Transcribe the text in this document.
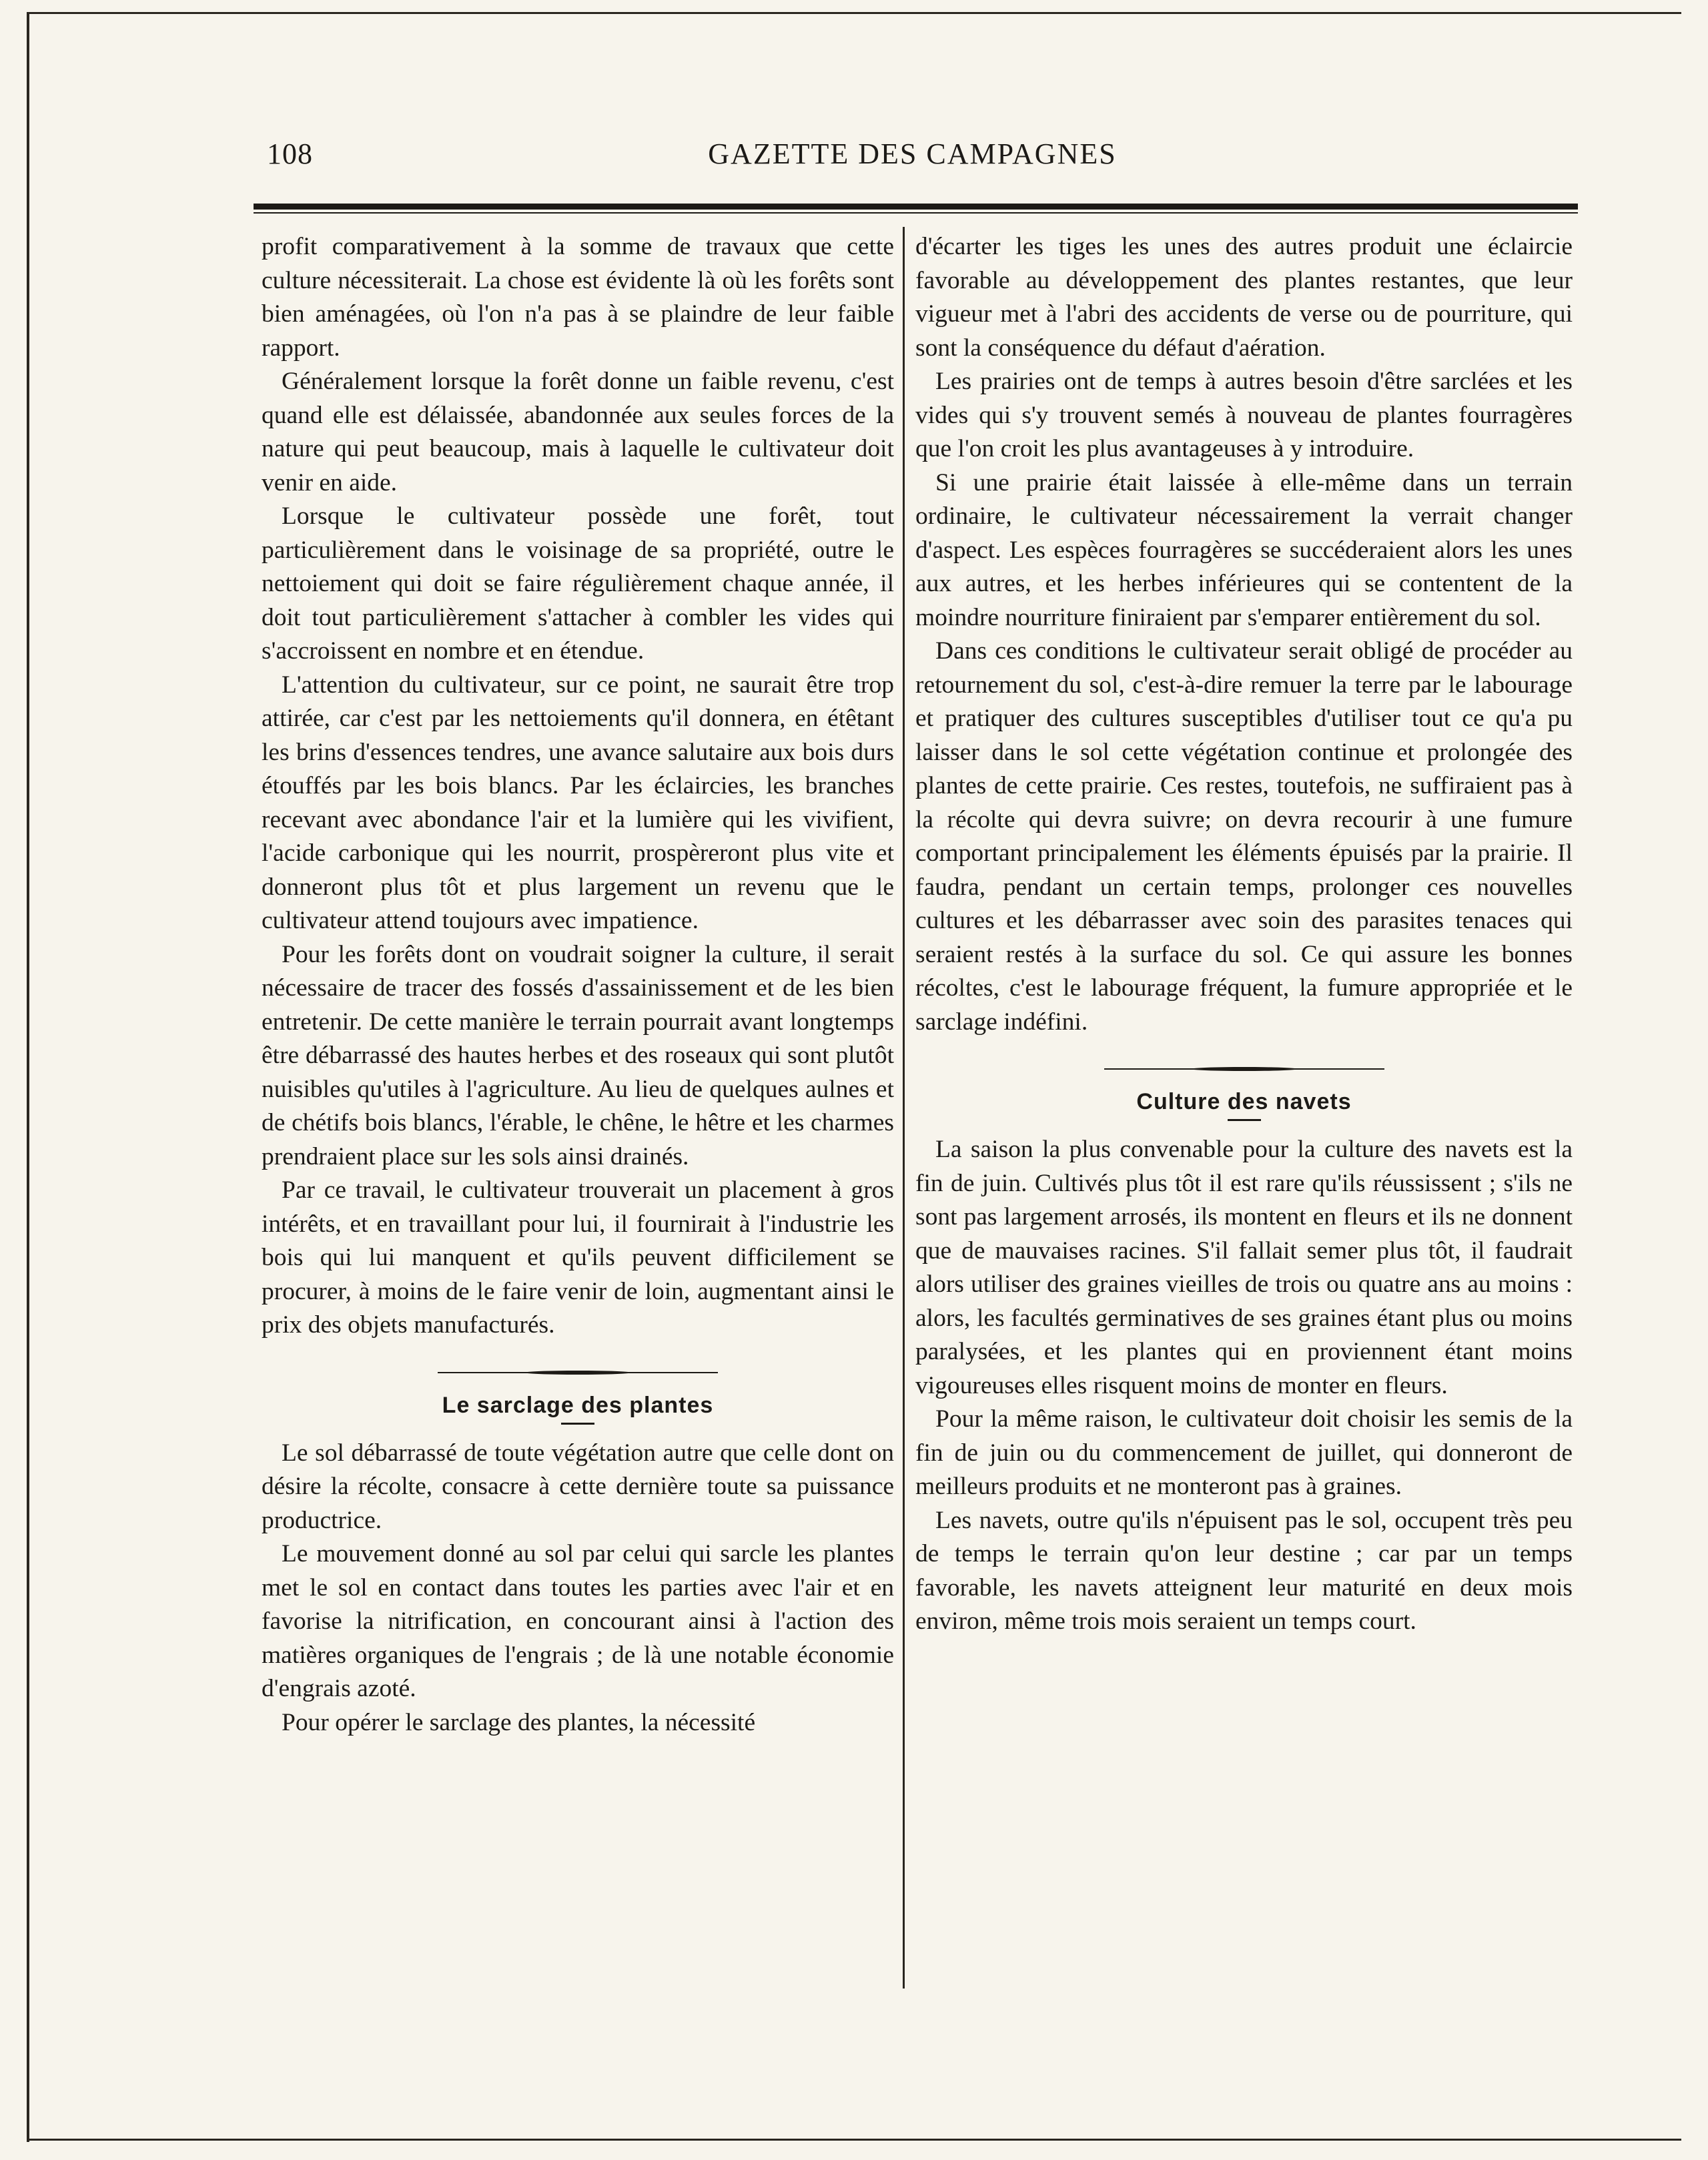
108	GAZETTE DES CAMPAGNES

profit comparativement à la somme de travaux que cette culture nécessiterait. La chose est évidente là où les forêts sont bien aménagées, où l'on n'a pas à se plaindre de leur faible rapport.

Généralement lorsque la forêt donne un faible revenu, c'est quand elle est délaissée, abandonnée aux seules forces de la nature qui peut beaucoup, mais à laquelle le cultivateur doit venir en aide.

Lorsque le cultivateur possède une forêt, tout particulièrement dans le voisinage de sa propriété, outre le nettoiement qui doit se faire régulièrement chaque année, il doit tout particulièrement s'attacher à combler les vides qui s'accroissent en nombre et en étendue.

L'attention du cultivateur, sur ce point, ne saurait être trop attirée, car c'est par les nettoiements qu'il donnera, en étêtant les brins d'essences tendres, une avance salutaire aux bois durs étouffés par les bois blancs. Par les éclaircies, les branches recevant avec abondance l'air et la lumière qui les vivifient, l'acide carbonique qui les nourrit, prospèreront plus vite et donneront plus tôt et plus largement un revenu que le cultivateur attend toujours avec impatience.

Pour les forêts dont on voudrait soigner la culture, il serait nécessaire de tracer des fossés d'assainissement et de les bien entretenir. De cette manière le terrain pourrait avant longtemps être débarrassé des hautes herbes et des roseaux qui sont plutôt nuisibles qu'utiles à l'agriculture. Au lieu de quelques aulnes et de chétifs bois blancs, l'érable, le chêne, le hêtre et les charmes prendraient place sur les sols ainsi drainés.

Par ce travail, le cultivateur trouverait un placement à gros intérêts, et en travaillant pour lui, il fournirait à l'industrie les bois qui lui manquent et qu'ils peuvent difficilement se procurer, à moins de le faire venir de loin, augmentant ainsi le prix des objets manufacturés.

Le sarclage des plantes

Le sol débarrassé de toute végétation autre que celle dont on désire la récolte, consacre à cette dernière toute sa puissance productrice.

Le mouvement donné au sol par celui qui sarcle les plantes met le sol en contact dans toutes les parties avec l'air et en favorise la nitrification, en concourant ainsi à l'action des matières organiques de l'engrais ; de là une notable économie d'engrais azoté.

Pour opérer le sarclage des plantes, la nécessité

d'écarter les tiges les unes des autres produit une éclaircie favorable au développement des plantes restantes, que leur vigueur met à l'abri des accidents de verse ou de pourriture, qui sont la conséquence du défaut d'aération.

Les prairies ont de temps à autres besoin d'être sarclées et les vides qui s'y trouvent semés à nouveau de plantes fourragères que l'on croit les plus avantageuses à y introduire.

Si une prairie était laissée à elle-même dans un terrain ordinaire, le cultivateur nécessairement la verrait changer d'aspect. Les espèces fourragères se succéderaient alors les unes aux autres, et les herbes inférieures qui se contentent de la moindre nourriture finiraient par s'emparer entièrement du sol.

Dans ces conditions le cultivateur serait obligé de procéder au retournement du sol, c'est-à-dire remuer la terre par le labourage et pratiquer des cultures susceptibles d'utiliser tout ce qu'a pu laisser dans le sol cette végétation continue et prolongée des plantes de cette prairie. Ces restes, toutefois, ne suffiraient pas à la récolte qui devra suivre; on devra recourir à une fumure comportant principalement les éléments épuisés par la prairie. Il faudra, pendant un certain temps, prolonger ces nouvelles cultures et les débarrasser avec soin des parasites tenaces qui seraient restés à la surface du sol. Ce qui assure les bonnes récoltes, c'est le labourage fréquent, la fumure appropriée et le sarclage indéfini.

Culture des navets

La saison la plus convenable pour la culture des navets est la fin de juin. Cultivés plus tôt il est rare qu'ils réussissent ; s'ils ne sont pas largement arrosés, ils montent en fleurs et ils ne donnent que de mauvaises racines. S'il fallait semer plus tôt, il faudrait alors utiliser des graines vieilles de trois ou quatre ans au moins : alors, les facultés germinatives de ses graines étant plus ou moins paralysées, et les plantes qui en proviennent étant moins vigoureuses elles risquent moins de monter en fleurs.

Pour la même raison, le cultivateur doit choisir les semis de la fin de juin ou du commencement de juillet, qui donneront de meilleurs produits et ne monteront pas à graines.

Les navets, outre qu'ils n'épuisent pas le sol, occupent très peu de temps le terrain qu'on leur destine ; car par un temps favorable, les navets atteignent leur maturité en deux mois environ, même trois mois seraient un temps court.
